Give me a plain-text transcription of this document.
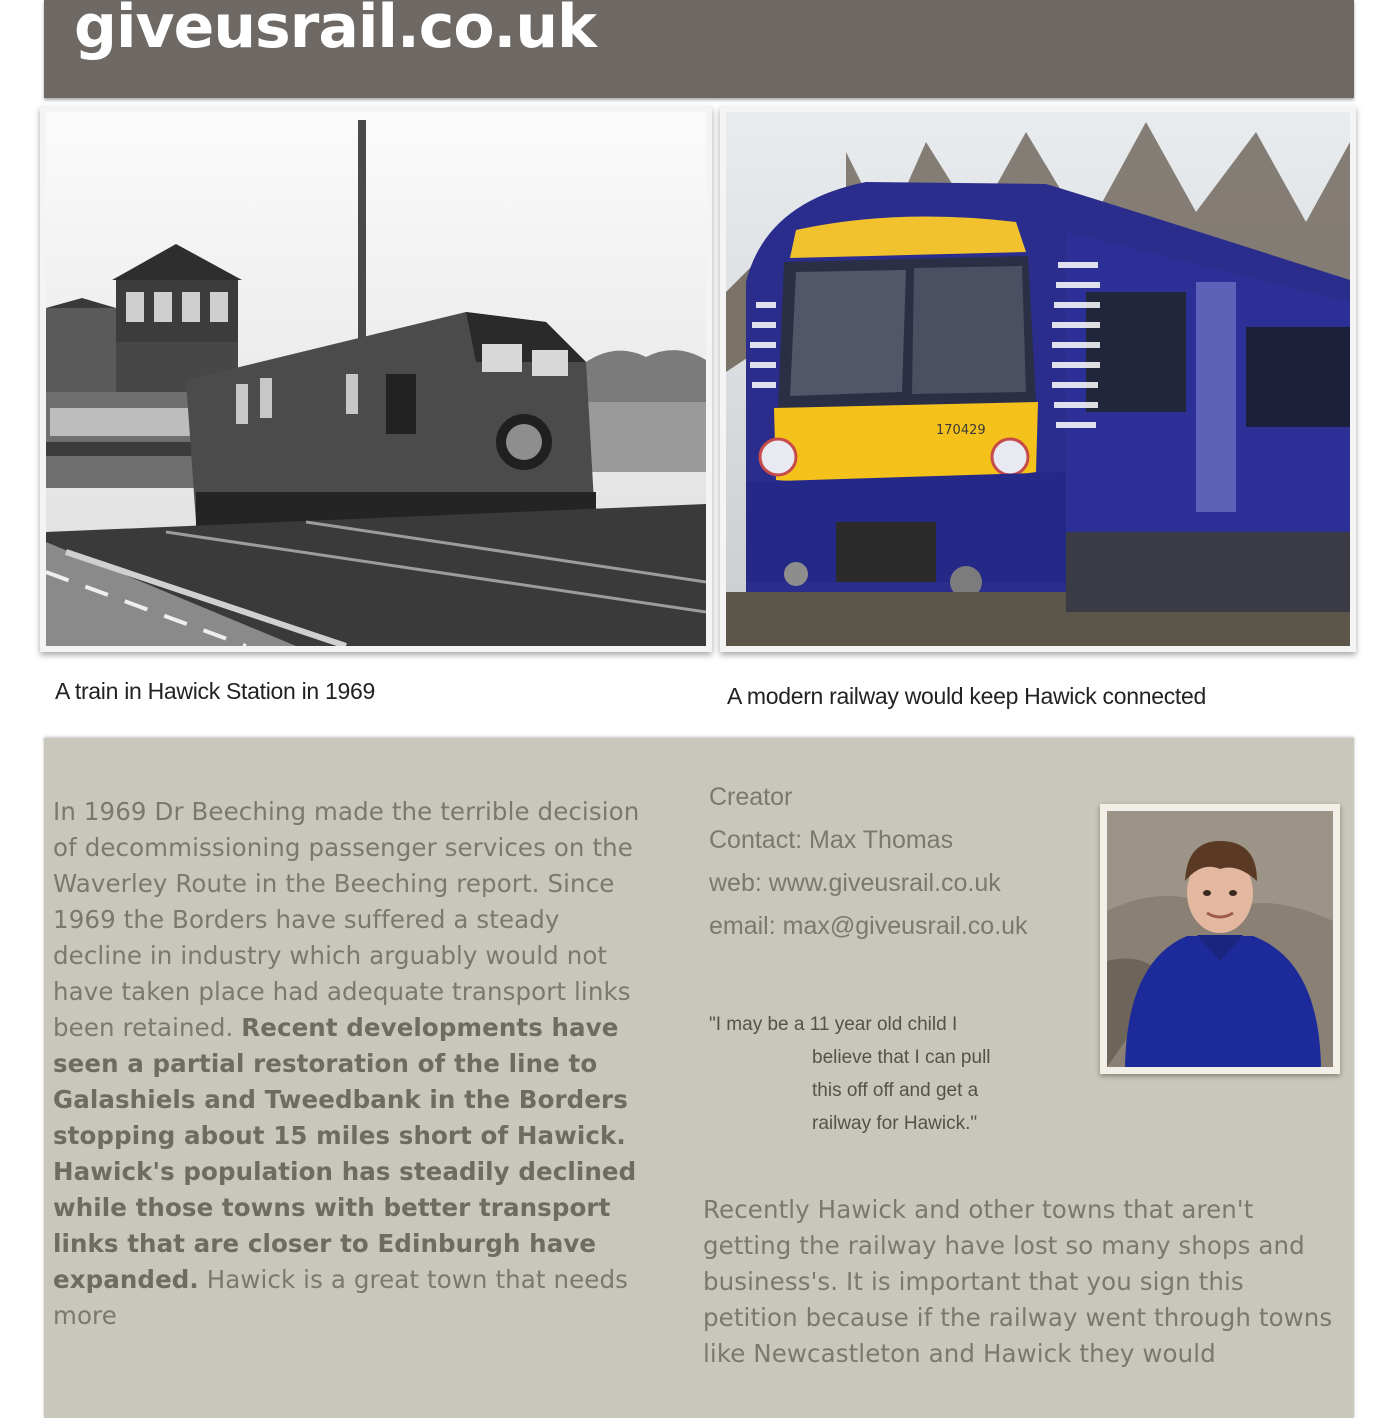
giveusrail.co.uk
A train in Hawick Station in 1969
170429
A modern railway would keep Hawick connected
In 1969 Dr Beeching made the terrible decision of decommissioning passenger services on the Waverley Route in the Beeching report. Since 1969 the Borders have suffered a steady decline in industry which arguably would not have taken place had adequate transport links been retained. Recent developments have seen a partial restoration of the line to Galashiels and Tweedbank in the Borders stopping about 15 miles short of Hawick. Hawick's population has steadily declined while those towns with better transport links that are closer to Edinburgh have expanded. Hawick is a great town that needs more
Creator
Contact: Max Thomas
web: www.giveusrail.co.uk
email: max@giveusrail.co.uk
"I may be a 11 year old child I
believe that I can pull
this off off and get a
railway for Hawick."
Recently Hawick and other towns that aren't getting the railway have lost so many shops and business's. It is important that you sign this petition because if the railway went through towns like Newcastleton and Hawick they would
